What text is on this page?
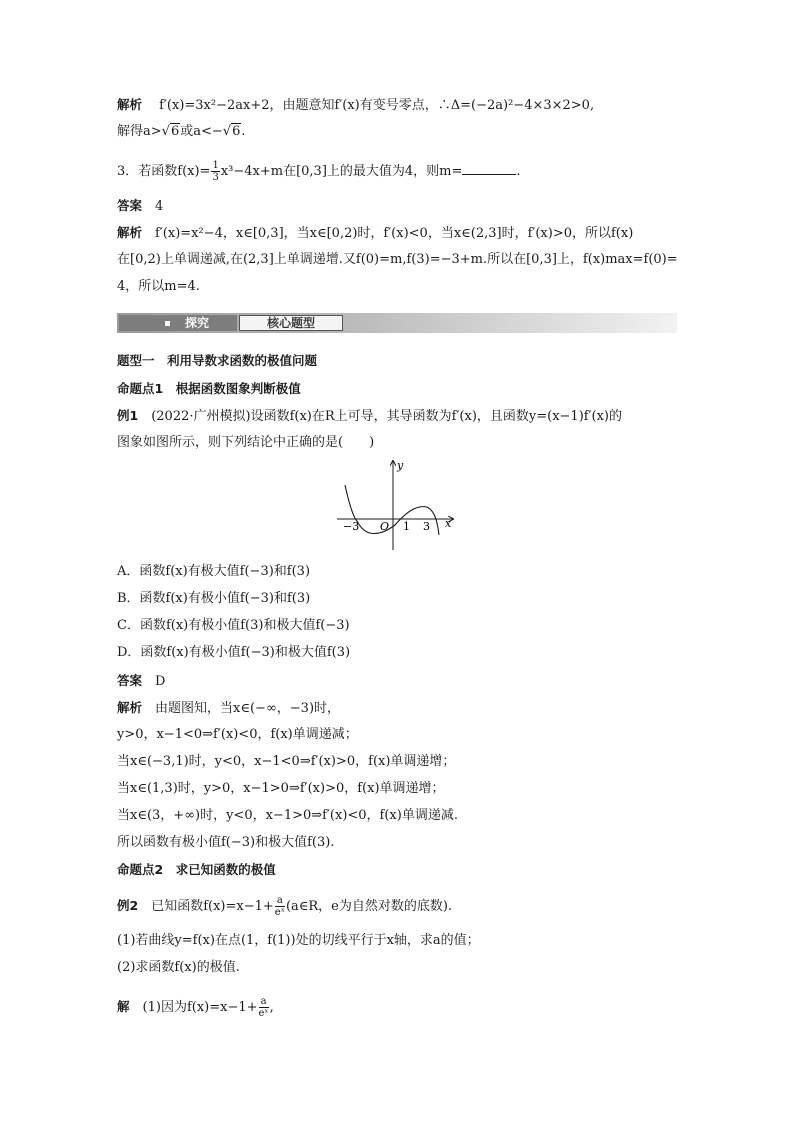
解析　 f′(x)=3x²−2ax+2，由题意知f′(x)有变号零点，∴Δ=(−2a)²−4×3×2>0,
解得a>√6或a<−√6.
3．若函数$f(x)= \frac{1}{3} x^3-4x+m$在[0,3]上的最大值为4，则m=	.
答案　 4
解析　 f′(x)=x²−4，x∈[0,3]，当x∈[0,2)时，f′(x)<0，当x∈(2,3]时，f′(x)>0，所以f(x)
在[0,2)上单调递减,在(2,3]上单调递增.又f(0)=m,f(3)=−3+m.所以在[0,3]上，f(x)max=f(0)=
4，所以m=4.
探究	核心题型
题型一　利用导数求函数的极值问题
命题点1　根据函数图象判断极值
例1　 (2022·广州模拟)设函数f(x)在R上可导，其导函数为f′(x)，且函数y=(x−1)f′(x)的
图象如图所示，则下列结论中正确的是(　　)
y
x
O
−3	1 3
A．函数f(x)有极大值f(−3)和f(3)
B．函数f(x)有极小值f(−3)和f(3)
C．函数f(x)有极小值f(3)和极大值f(−3)
D．函数f(x)有极小值f(−3)和极大值f(3)
答案　 D
解析　 由题图知，当x∈(−∞，−3)时，
y>0，x−1<0⇒f′(x)<0，f(x)单调递减；
当x∈(−3,1)时，y<0，x−1<0⇒f′(x)>0，f(x)单调递增；
当x∈(1,3)时，y>0，x−1>0⇒f′(x)>0，f(x)单调递增；
当x∈(3，+∞)时，y<0，x−1>0⇒f′(x)<0，f(x)单调递减.
所以函数有极小值f(−3)和极大值f(3).
命题点2　求已知函数的极值
例2　 已知函数$f(x)=x-1+ \frac{a}{\text{eˣ}}$ (a∈R，e为自然对数的底数).
(1)若曲线y=f(x)在点(1，f(1))处的切线平行于x轴，求a的值；
(2)求函数f(x)的极值.
解　 (1)因为$f(x)=x-1+ \frac{a}{\text{eˣ}}$ ,
